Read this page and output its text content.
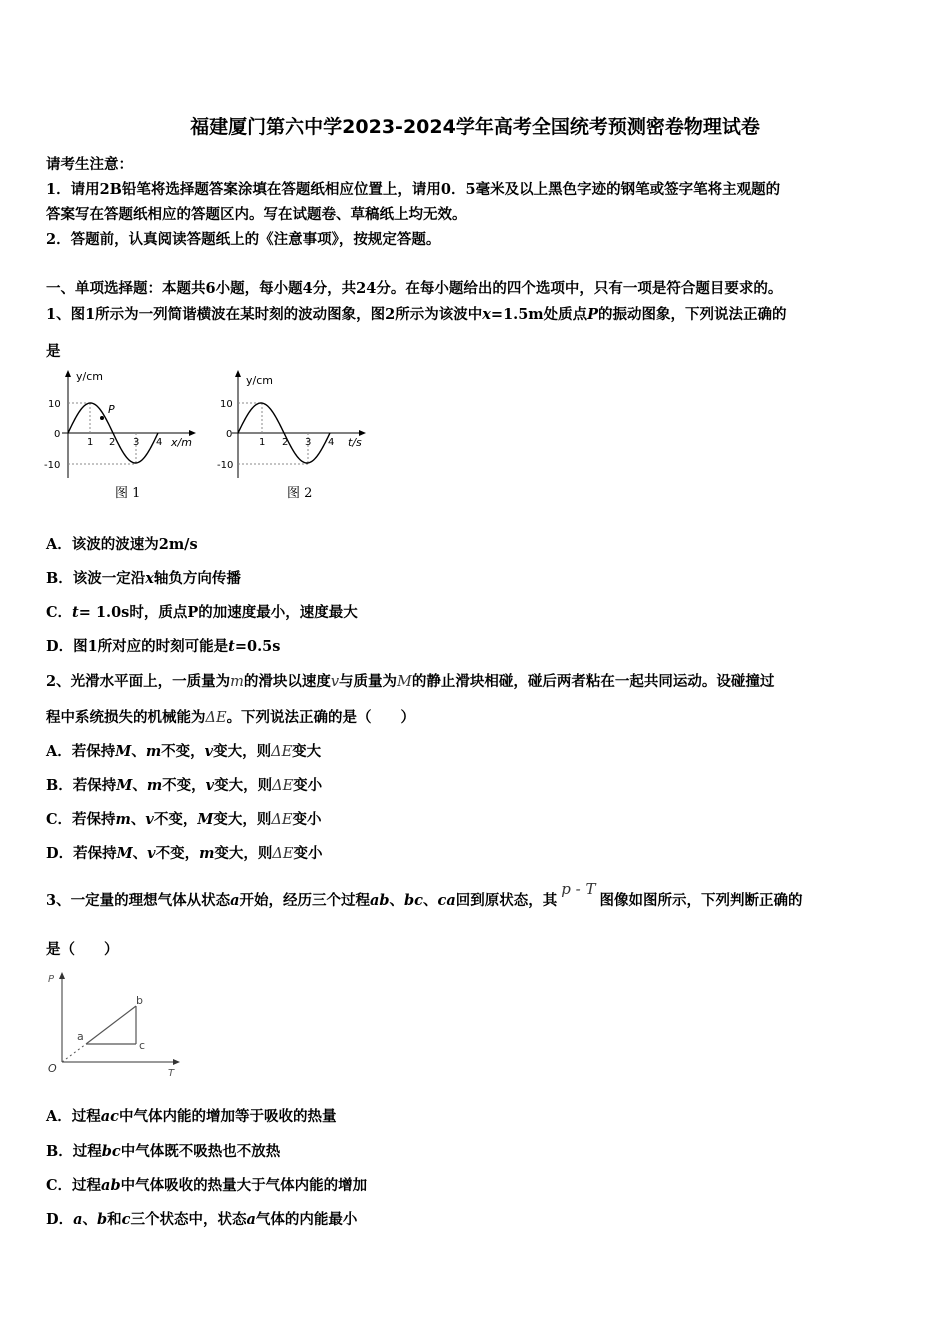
福建厦门第六中学2023-2024学年高考全国统考预测密卷物理试卷
请考生注意：
1．请用2B铅笔将选择题答案涂填在答题纸相应位置上，请用0．5毫米及以上黑色字迹的钢笔或签字笔将主观题的
答案写在答题纸相应的答题区内。写在试题卷、草稿纸上均无效。
2．答题前，认真阅读答题纸上的《注意事项》，按规定答题。
一、单项选择题：本题共6小题，每小题4分，共24分。在每小题给出的四个选项中，只有一项是符合题目要求的。
1、图1所示为一列简谐横波在某时刻的波动图象，图2所示为该波中x=1.5m处质点P的振动图象，下列说法正确的
是
P
y/cm
x/m
10
0
-10
1 2 3 4
图 1
y/cm
t/s
10
0
-10
1 2 3 4
图 2
A．该波的波速为2m/s
B．该波一定沿x轴负方向传播
C．t= 1.0s时，质点P的加速度最小，速度最大
D．图1所对应的时刻可能是t=0.5s
2、光滑水平面上，一质量为m的滑块以速度v与质量为M的静止滑块相碰，碰后两者粘在一起共同运动。设碰撞过
程中系统损失的机械能为ΔE。下列说法正确的是（　　）
A．若保持M、m不变，v变大，则ΔE变大
B．若保持M、m不变，v变大，则ΔE变小
C．若保持m、v不变，M变大，则ΔE变小
D．若保持M、v不变，m变大，则ΔE变小
3、一定量的理想气体从状态a开始，经历三个过程ab、bc、ca回到原状态，其p - T图像如图所示，下列判断正确的
是（　　）
P
T
O
a
b
c
A．过程ac中气体内能的增加等于吸收的热量
B．过程bc中气体既不吸热也不放热
C．过程ab中气体吸收的热量大于气体内能的增加
D．a、b和c三个状态中，状态a气体的内能最小
